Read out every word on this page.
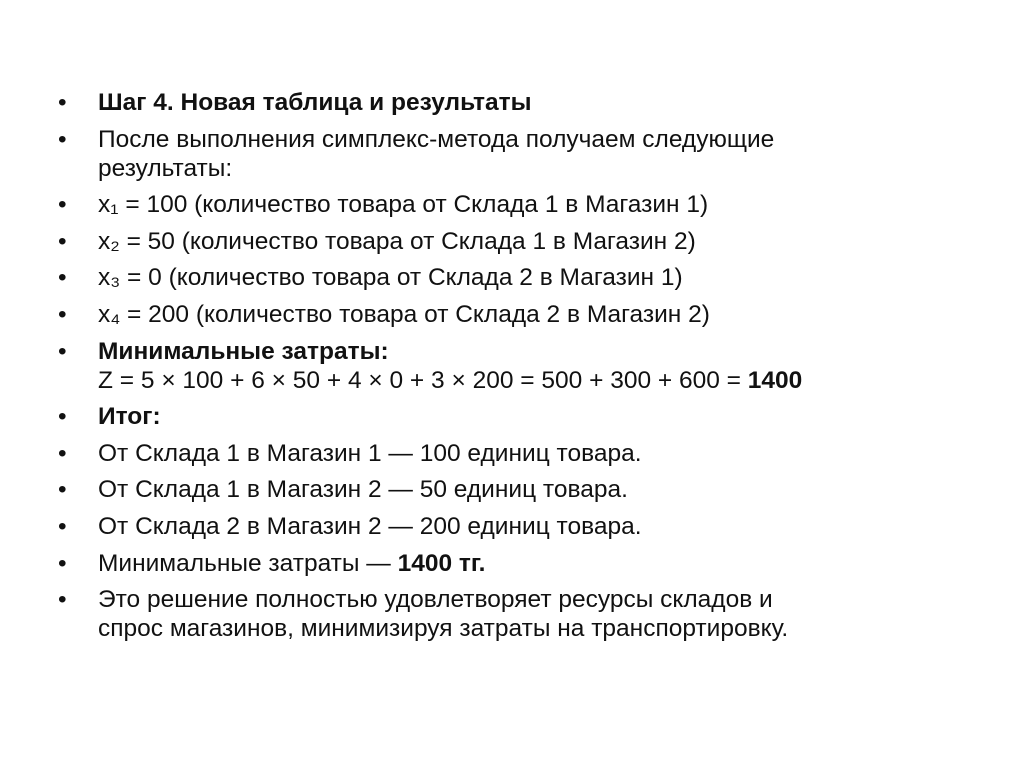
•	Шаг 4. Новая таблица и результаты
•	После выполнения симплекс-метода получаем следующие
результаты:
•	x₁ = 100 (количество товара от Склада 1 в Магазин 1)
•	x₂ = 50 (количество товара от Склада 1 в Магазин 2)
•	x₃ = 0 (количество товара от Склада 2 в Магазин 1)
•	x₄ = 200 (количество товара от Склада 2 в Магазин 2)
•	Минимальные затраты:
Z = 5 × 100 + 6 × 50 + 4 × 0 + 3 × 200 = 500 + 300 + 600 = 1400
•	Итог:
•	От Склада 1 в Магазин 1 — 100 единиц товара.
•	От Склада 1 в Магазин 2 — 50 единиц товара.
•	От Склада 2 в Магазин 2 — 200 единиц товара.
•	Минимальные затраты — 1400 тг.
•	Это решение полностью удовлетворяет ресурсы складов и
спрос магазинов, минимизируя затраты на транспортировку.
